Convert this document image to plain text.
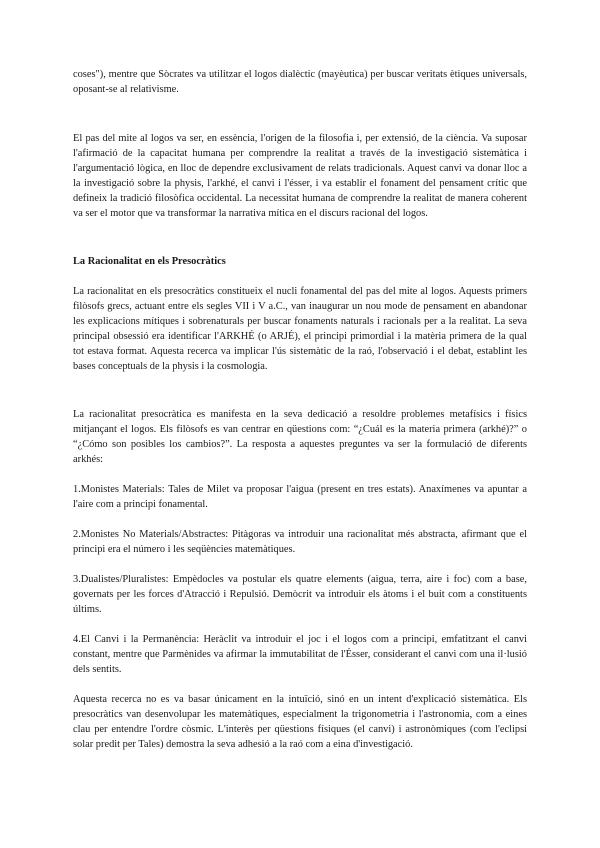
coses"), mentre que Sòcrates va utilitzar el logos dialèctic (mayèutica) per buscar veritats ètiques universals, oposant-se al relativisme.

El pas del mite al logos va ser, en essència, l'origen de la filosofia i, per extensió, de la ciència. Va suposar l'afirmació de la capacitat humana per comprendre la realitat a través de la investigació sistemàtica i l'argumentació lògica, en lloc de dependre exclusivament de relats tradicionals. Aquest canvi va donar lloc a la investigació sobre la physis, l'arkhé, el canvi i l'ésser, i va establir el fonament del pensament crític que defineix la tradició filosòfica occidental. La necessitat humana de comprendre la realitat de manera coherent va ser el motor que va transformar la narrativa mítica en el discurs racional del logos.

La Racionalitat en els Presocràtics

La racionalitat en els presocràtics constitueix el nucli fonamental del pas del mite al logos. Aquests primers filòsofs grecs, actuant entre els segles VII i V a.C., van inaugurar un nou mode de pensament en abandonar les explicacions mítiques i sobrenaturals per buscar fonaments naturals i racionals per a la realitat. La seva principal obsessió era identificar l'ARKHÉ (o ARJÉ), el principi primordial i la matèria primera de la qual tot estava format. Aquesta recerca va implicar l'ús sistemàtic de la raó, l'observació i el debat, establint les bases conceptuals de la physis i la cosmologia.

La racionalitat presocràtica es manifesta en la seva dedicació a resoldre problemes metafísics i físics mitjançant el logos. Els filòsofs es van centrar en qüestions com: “¿Cuál es la materia primera (arkhé)?” o “¿Cómo son posibles los cambios?”. La resposta a aquestes preguntes va ser la formulació de diferents arkhés:

1.Monistes Materials: Tales de Milet va proposar l'aigua (present en tres estats). Anaxímenes va apuntar a l'aire com a principi fonamental.

2.Monistes No Materials/Abstractes: Pitàgoras va introduir una racionalitat més abstracta, afirmant que el principi era el número i les seqüències matemàtiques.

3.Dualistes/Pluralistes: Empèdocles va postular els quatre elements (aigua, terra, aire i foc) com a base, governats per les forces d'Atracció i Repulsió. Demòcrit va introduir els àtoms i el buit com a constituents últims.

4.El Canvi i la Permanència: Heràclit va introduir el joc i el logos com a principi, emfatitzant el canvi constant, mentre que Parmènides va afirmar la immutabilitat de l'Ésser, considerant el canvi com una il·lusió dels sentits.

Aquesta recerca no es va basar únicament en la intuïció, sinó en un intent d'explicació sistemàtica. Els presocràtics van desenvolupar les matemàtiques, especialment la trigonometria i l'astronomia, com a eines clau per entendre l'ordre còsmic. L'interès per qüestions físiques (el canvi) i astronòmiques (com l'eclipsi solar predit per Tales) demostra la seva adhesió a la raó com a eina d'investigació.
